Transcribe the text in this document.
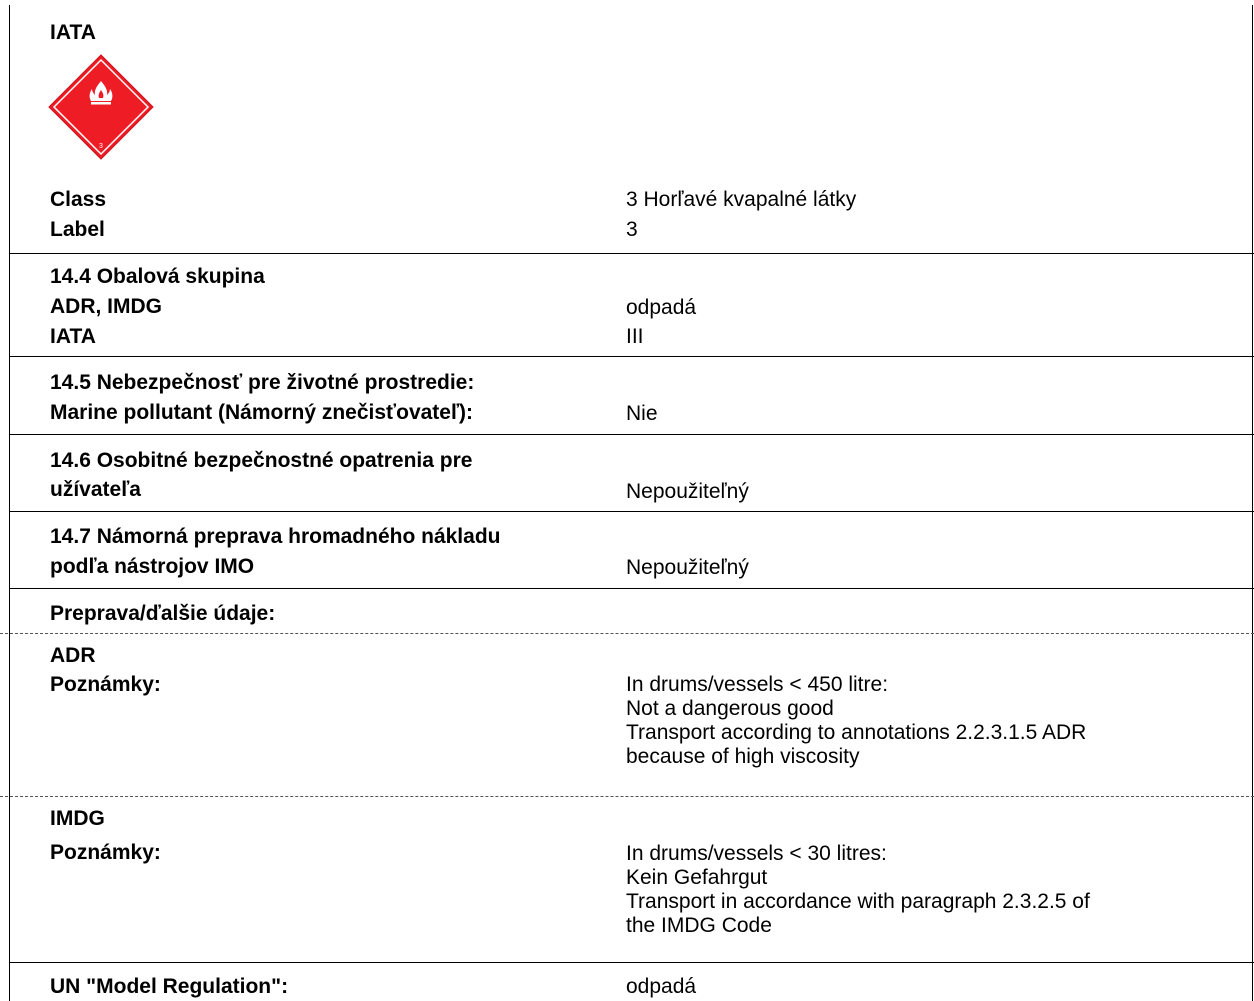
IATA
3
Class	3 Horľavé kvapalné látky
Label	3
14.4 Obalová skupina
ADR, IMDG	odpadá
IATA	III
14.5 Nebezpečnosť pre životné prostredie:
Marine pollutant (Námorný znečisťovateľ):	Nie
14.6 Osobitné bezpečnostné opatrenia pre
užívateľa	Nepoužiteľný
14.7 Námorná preprava hromadného nákladu
podľa nástrojov IMO	Nepoužiteľný
Preprava/ďalšie údaje:
ADR
Poznámky:	In drums/vessels < 450 litre:
Not a dangerous good
Transport according to annotations 2.2.3.1.5 ADR
because of high viscosity
IMDG
Poznámky:	In drums/vessels < 30 litres:
Kein Gefahrgut
Transport in accordance with paragraph 2.3.2.5 of
the IMDG Code
UN "Model Regulation":	odpadá
